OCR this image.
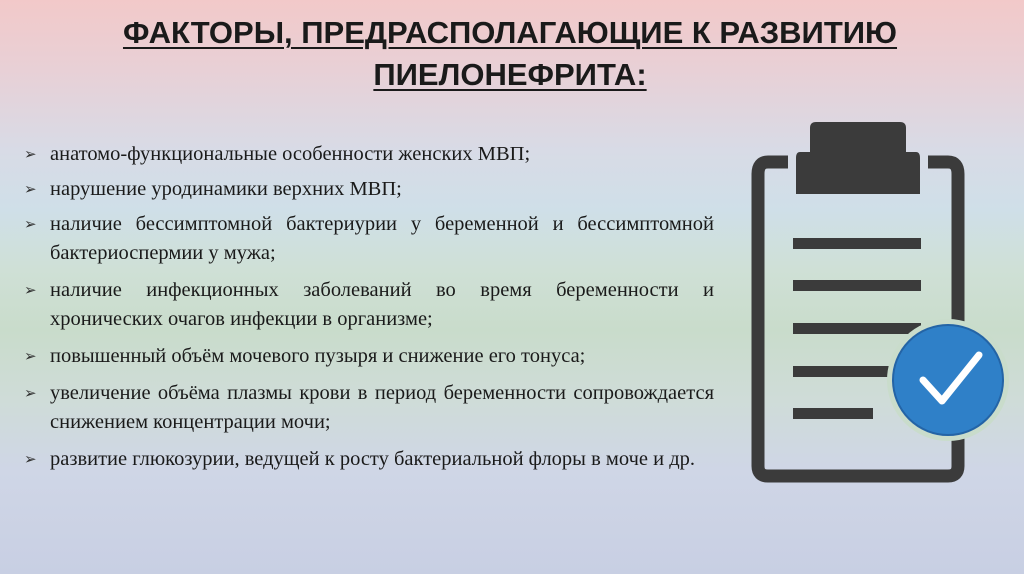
ФАКТОРЫ, ПРЕДРАСПОЛАГАЮЩИЕ К РАЗВИТИЮ
ПИЕЛОНЕФРИТА:
➢ анатомо-функциональные особенности женских МВП;
➢ нарушение уродинамики верхних МВП;
➢ наличие бессимптомной бактериурии у беременной и бессимптомной бактериоспермии у мужа;
➢ наличие инфекционных заболеваний во время беременности и хронических очагов инфекции в организме;
➢ повышенный объём мочевого пузыря и снижение его тонуса;
➢ увеличение объёма плазмы крови в период беременности сопровождается снижением концентрации мочи;
➢ развитие глюкозурии, ведущей к росту бактериальной флоры в моче и др.
